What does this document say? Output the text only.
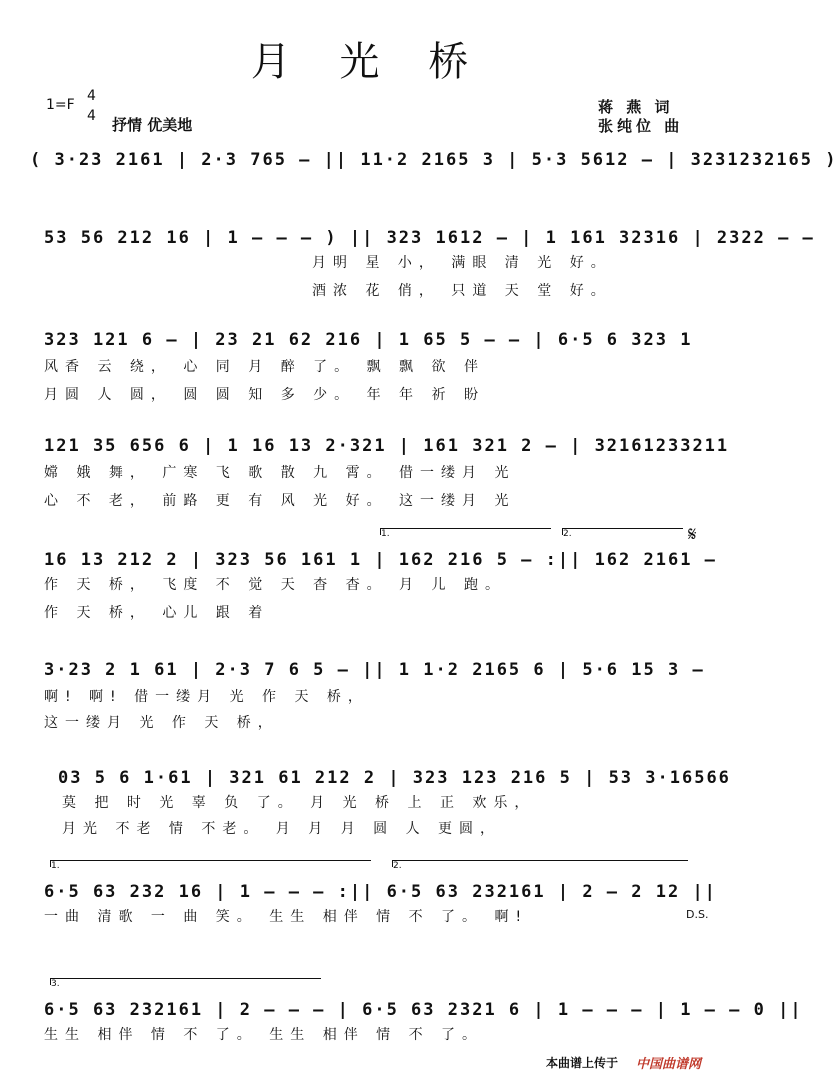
月 光 桥
1=F
4
4 抒情 优美地
蒋 燕 词
张纯位 曲
( 3·23 2161 | 2·3 765 – || 11·2 2165 3 | 5·3 5612 – | 3231232165 )
53 56 212 16 | 1 – – – ) || 323 1612 – | 1 161 32316 | 2322 – –
月明 星 小， 满眼 清 光 好。
酒浓 花 俏， 只道 天 堂 好。
323 121 6 – | 23 21 62 216 | 1 65 5 – – | 6·5 6 323 1
风香 云 绕， 心 同 月 醉 了。 飘 飘 欲 伴
月圆 人 圆， 圆 圆 知 多 少。 年 年 祈 盼
121 35 656 6 | 1 16 13 2·321 | 161 321 2 – | 32161233211
嫦 娥 舞， 广寒 飞 歌 散 九 霄。 借一缕月 光
心 不 老， 前路 更 有 风 光 好。 这一缕月 光
1.	2.	𝄋
16 13 212 2 | 323 56 161 1 | 162 216 5 – :|| 162 2161 –
作 天 桥， 飞度 不 觉 天 杳 杳。 月 儿 跑。
作 天 桥， 心儿 跟 着
3·23 2 1 61 | 2·3 7 6 5 – || 1 1·2 2165 6 | 5·6 15 3 –
啊! 啊! 借一缕月 光 作 天 桥，
这一缕月 光 作 天 桥，
03 5 6 1·61 | 321 61 212 2 | 323 123 216 5 | 53 3·16566
莫 把 时 光 辜 负 了。 月 光 桥 上 正 欢乐，
月光 不老 情 不老。 月 月 月 圆 人 更圆，
1.	2.
6·5 63 232 16 | 1 – – – :|| 6·5 63 232161 | 2 – 2 12 ||
一曲 清歌 一 曲 笑。 生生 相伴 情 不 了。 啊!	D.S.
3.
6·5 63 232161 | 2 – – – | 6·5 63 2321 6 | 1 – – – | 1 – – 0 ||
生生 相伴 情 不 了。 生生 相伴 情 不 了。
本曲谱上传于 中国曲谱网
